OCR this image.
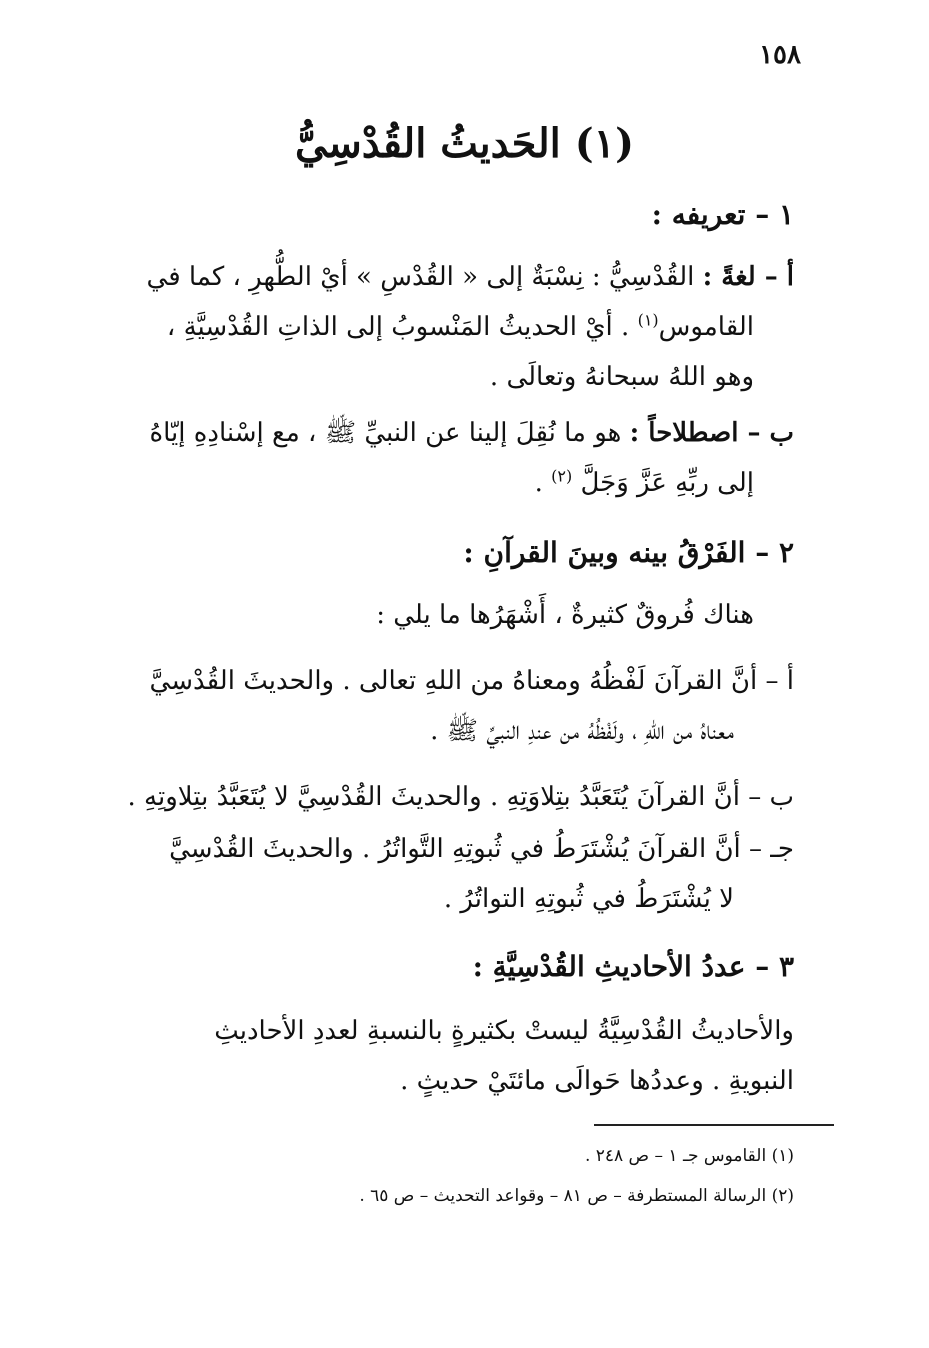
١٥٨
(١) الحَديثُ القُدْسِيُّ
١ – تعريفه :
أ – لغةً : القُدْسِيُّ : نِسْبَةٌ إلى « القُدْسِ » أيْ الطُّهرِ ، كما في
القاموس$^{(١)}$ . أيْ الحديثُ المَنْسوبُ إلى الذاتِ القُدْسِيَّةِ ،
وهو اللهُ سبحانهُ وتعالَى .
ب – اصطلاحاً : هو ما نُقِلَ إلينا عن النبيِّ ﷺ ، مع إسْنادِهِ إيّاهُ
إلى ربِّهِ عَزَّ وَجَلَّ $^{(٢)}$ .
٢ – الفَرْقُ بينه وبينَ القرآنِ :
هناك فُروقٌ كثيرةٌ ، أَشْهَرُها ما يلي :
أ – أنَّ القرآنَ لَفْظُهُ ومعناهُ من اللهِ تعالى . والحديثَ القُدْسِيَّ
معناهُ من اللهِ ، ولَفْظُهُ من عندِ النبيِّ ﷺ .
ب – أنَّ القرآنَ يُتَعَبَّدُ بتِلاوَتِهِ . والحديثَ القُدْسِيَّ لا يُتَعَبَّدُ بتِلاوتِهِ .
جـ – أنَّ القرآنَ يُشْتَرَطُ في ثُبوتِهِ التَّواتُرُ . والحديثَ القُدْسِيَّ
لا يُشْتَرَطُ في ثُبوتِهِ التواتُرُ .
٣ – عددُ الأحاديثِ القُدْسِيَّةِ :
والأحاديثُ القُدْسِيَّةُ ليستْ بكثيرةٍ بالنسبةِ لعددِ الأحاديثِ
النبويةِ . وعددُها حَوالَى مائتَيْ حديثٍ .
(١) القاموس جـ ١ – ص ٢٤٨ .
(٢) الرسالة المستطرفة – ص ٨١ – وقواعد التحديث – ص ٦٥ .
